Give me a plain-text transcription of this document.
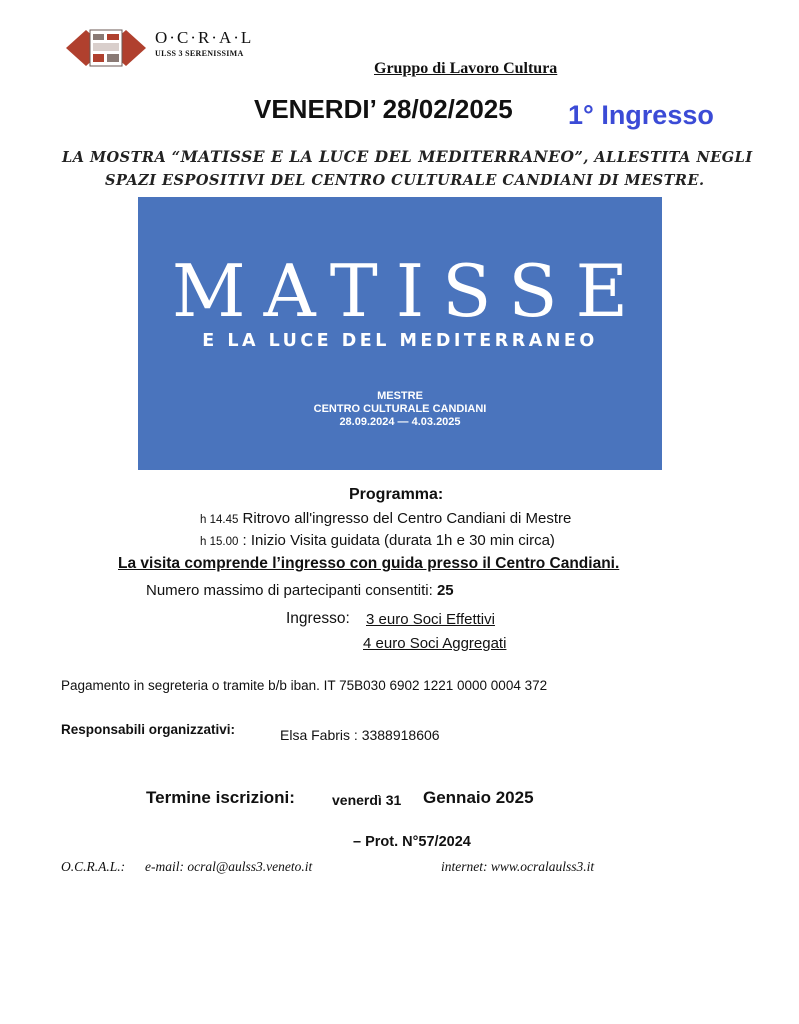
O·C·R·A·L
ULSS 3 SERENISSIMA
Gruppo di Lavoro Cultura
VENERDI’ 28/02/2025 1° Ingresso
LA MOSTRA “MATISSE E LA LUCE DEL MEDITERRANEO”, ALLESTITA NEGLI
SPAZI ESPOSITIVI DEL CENTRO CULTURALE CANDIANI DI MESTRE.
MATISSE
E LA LUCE DEL MEDITERRANEO
MESTRE
CENTRO CULTURALE CANDIANI
28.09.2024 — 4.03.2025
Programma:
h 14.45 Ritrovo all'ingresso del Centro Candiani di Mestre
h 15.00 : Inizio Visita guidata (durata 1h e 30 min circa)
La visita comprende l’ingresso con guida presso il Centro Candiani.
Numero massimo di partecipanti consentiti: 25
Ingresso: 3 euro Soci Effettivi
4 euro Soci Aggregati
Pagamento in segreteria o tramite b/b iban. IT 75B030 6902 1221 0000 0004 372
Responsabili organizzativi:	Elsa Fabris : 3388918606
Termine iscrizioni:	venerdì 31 Gennaio 2025
– Prot. N°57/2024
O.C.R.A.L.: e-mail: ocral@aulss3.veneto.it	internet: www.ocralaulss3.it
